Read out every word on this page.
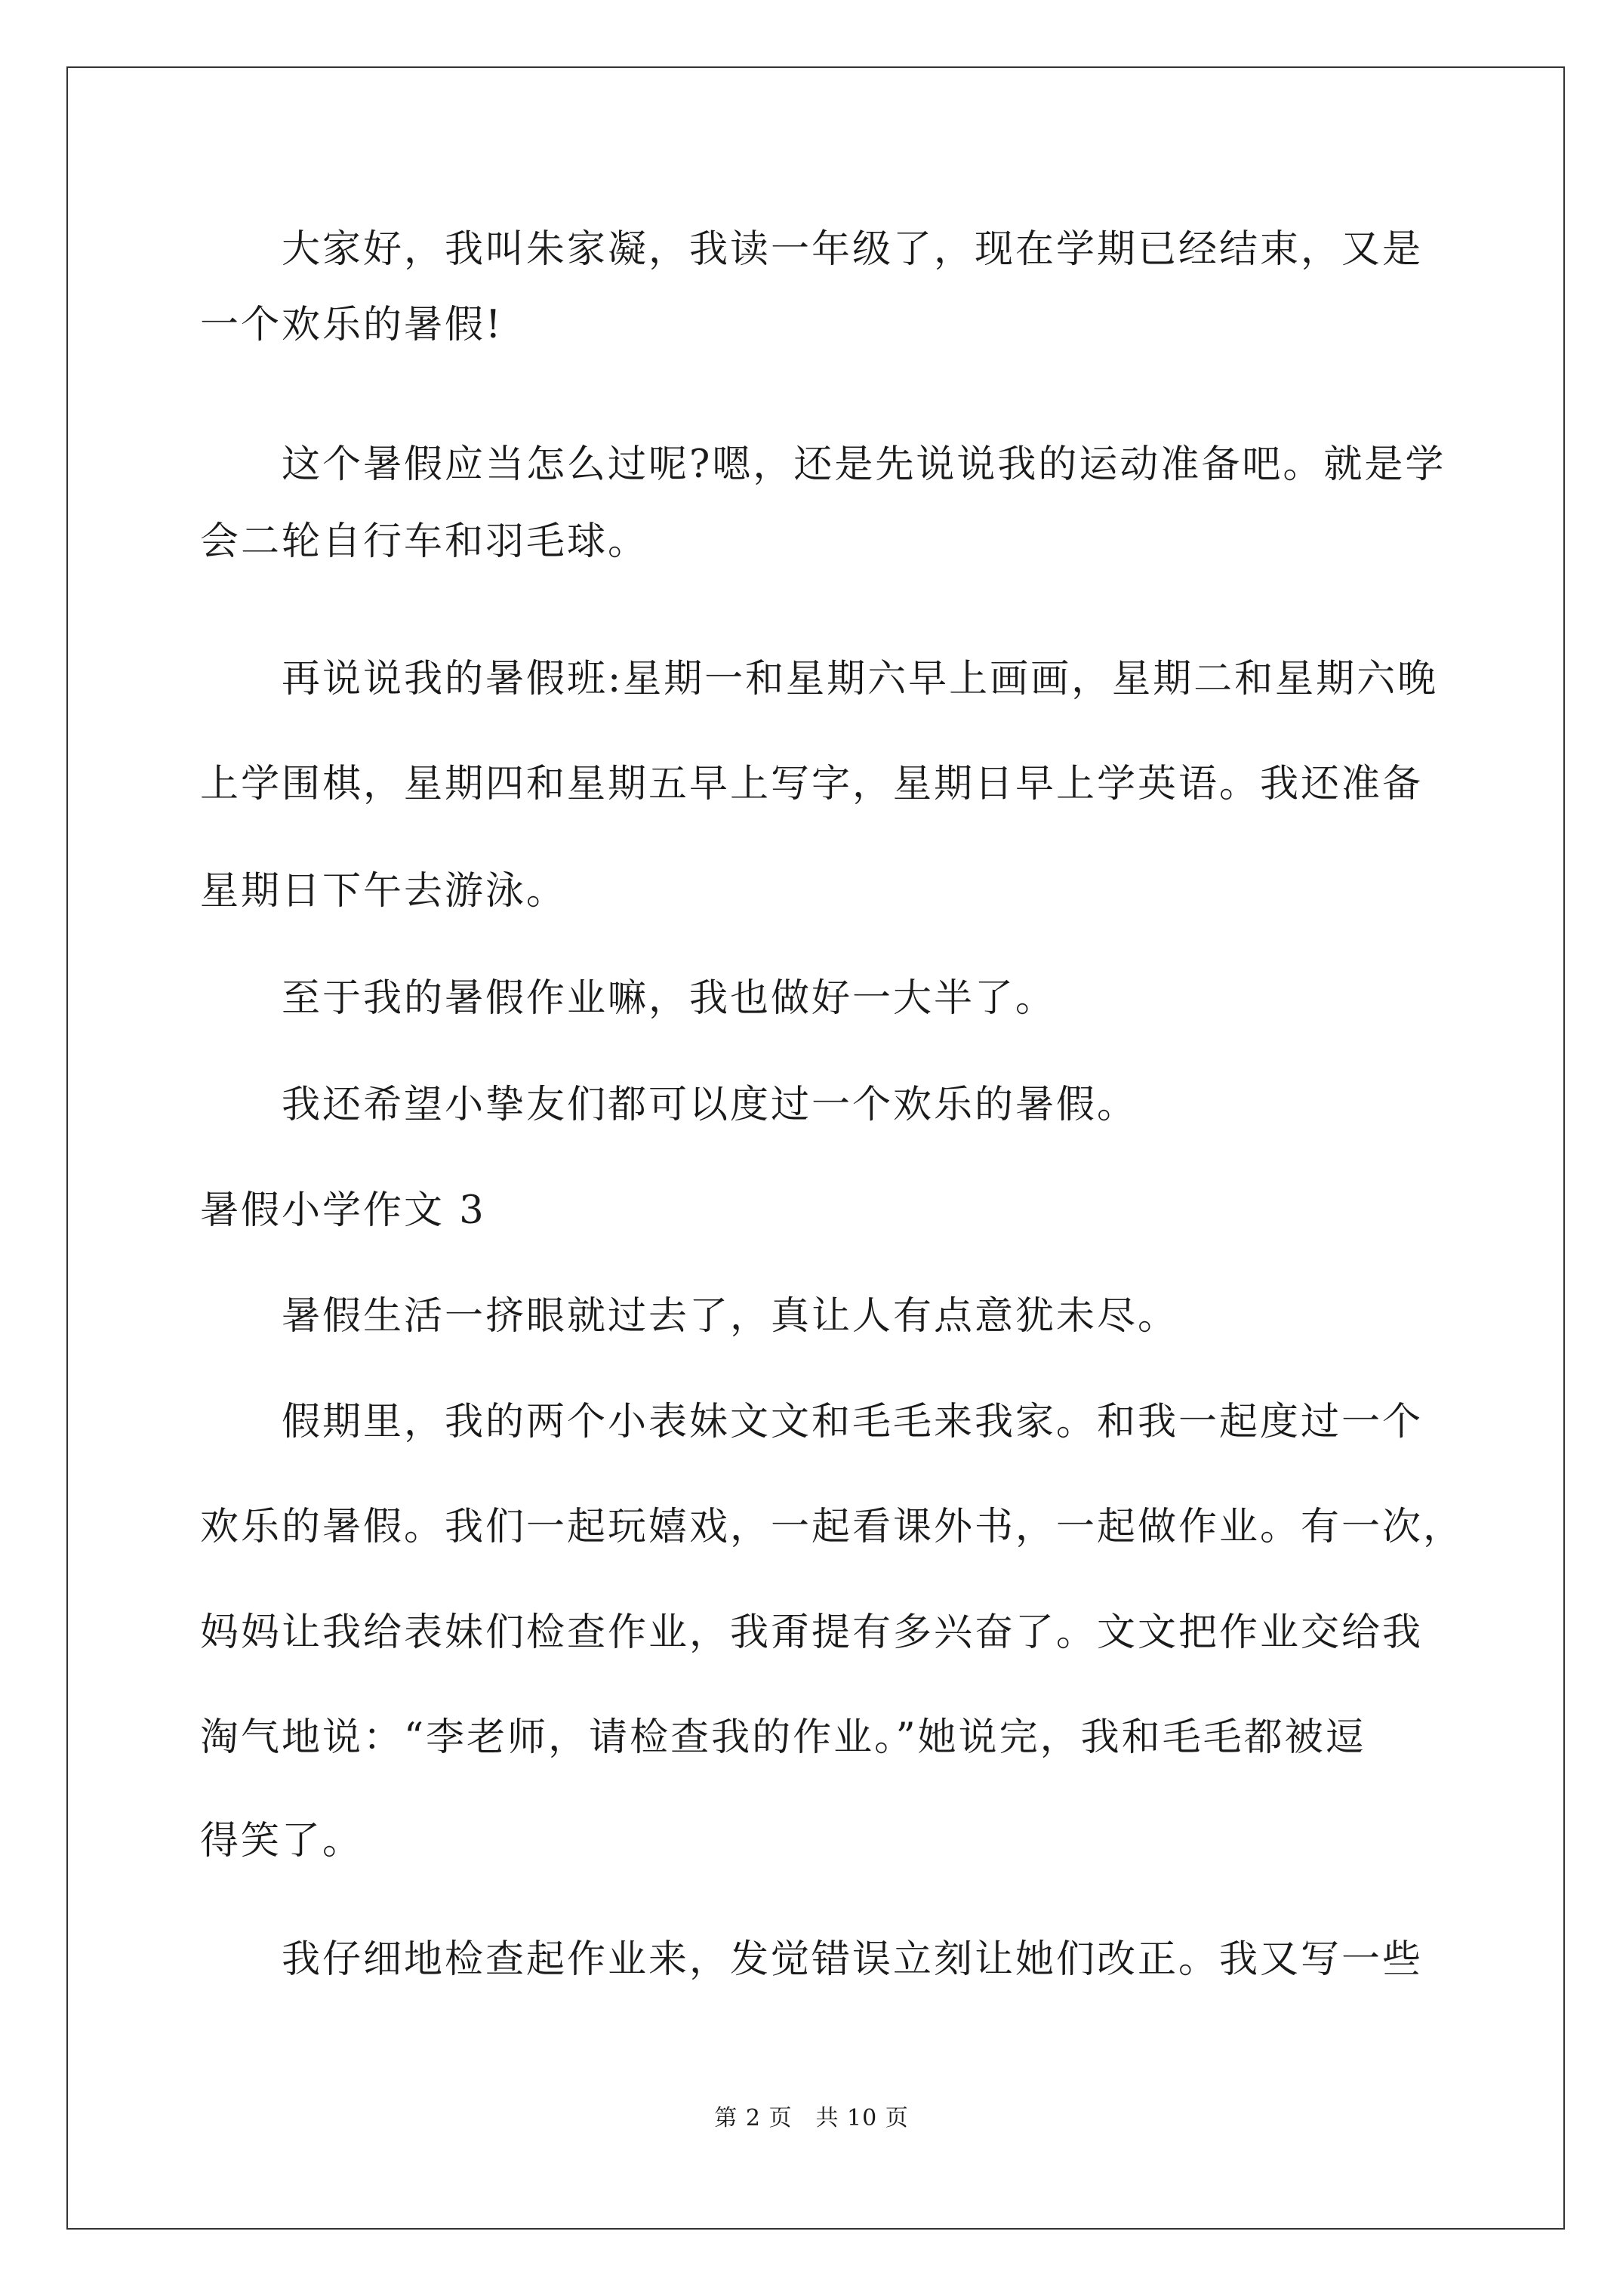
大家好，我叫朱家凝，我读一年级了，现在学期已经结束，又是
一个欢乐的暑假!
这个暑假应当怎么过呢?嗯，还是先说说我的运动准备吧。就是学
会二轮自行车和羽毛球。
再说说我的暑假班:星期一和星期六早上画画，星期二和星期六晚
上学围棋，星期四和星期五早上写字，星期日早上学英语。我还准备
星期日下午去游泳。
至于我的暑假作业嘛，我也做好一大半了。
我还希望小挚友们都可以度过一个欢乐的暑假。
暑假小学作文 3
暑假生活一挤眼就过去了，真让人有点意犹未尽。
假期里，我的两个小表妹文文和毛毛来我家。和我一起度过一个
欢乐的暑假。我们一起玩嬉戏，一起看课外书，一起做作业。有一次，
妈妈让我给表妹们检查作业，我甭提有多兴奋了。文文把作业交给我
淘气地说：“李老师，请检查我的作业。”她说完，我和毛毛都被逗
得笑了。
我仔细地检查起作业来，发觉错误立刻让她们改正。我又写一些
第 2 页　共 10 页
